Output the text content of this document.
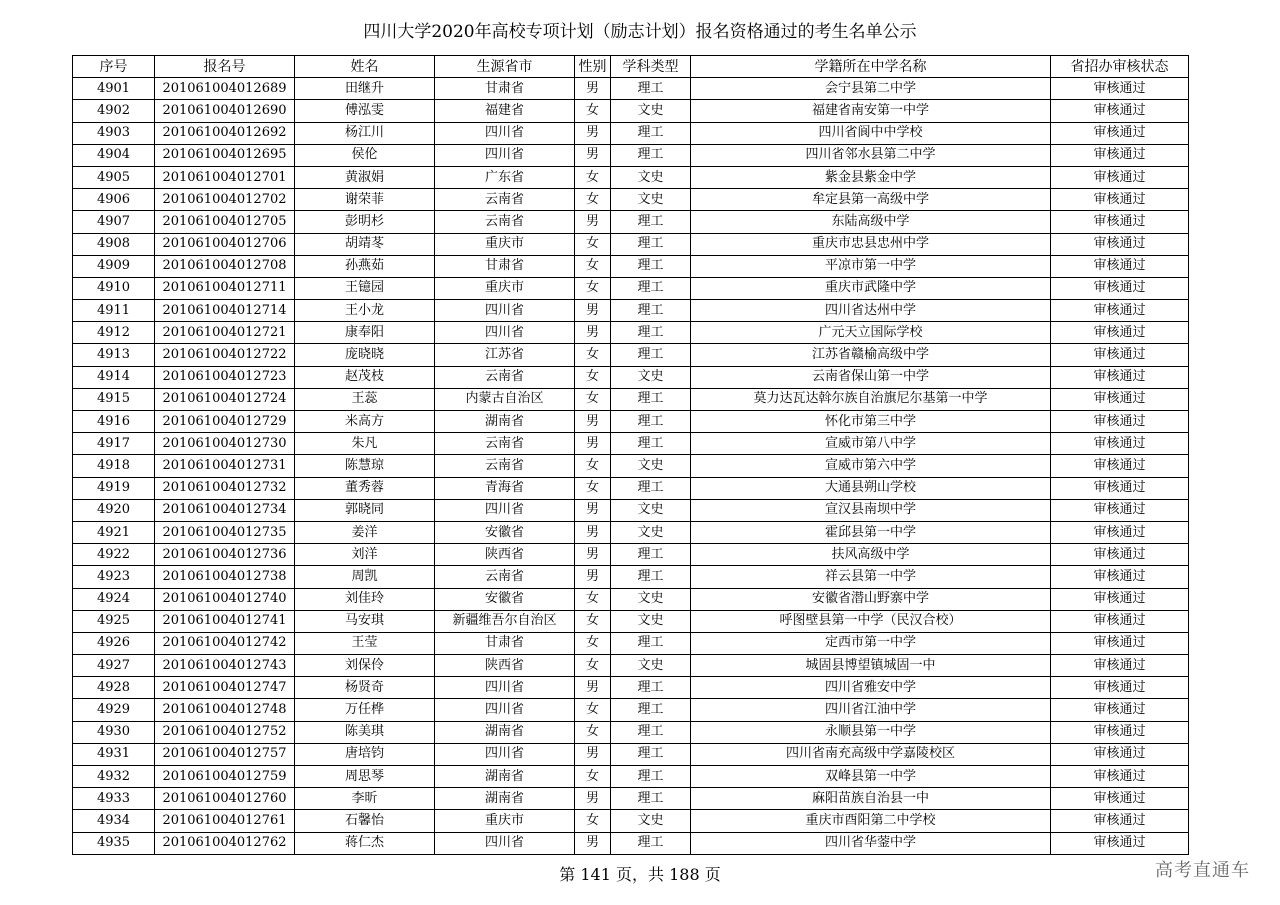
四川大学2020年高校专项计划（励志计划）报名资格通过的考生名单公示
序号	报名号	姓名	生源省市	性别	学科类型	学籍所在中学名称	省招办审核状态
4901	201061004012689	田继升	甘肃省	男	理工	会宁县第二中学	审核通过
4902	201061004012690	傅泓雯	福建省	女	文史	福建省南安第一中学	审核通过
4903	201061004012692	杨江川	四川省	男	理工	四川省阆中中学校	审核通过
4904	201061004012695	侯伦	四川省	男	理工	四川省邻水县第二中学	审核通过
4905	201061004012701	黄淑娟	广东省	女	文史	紫金县紫金中学	审核通过
4906	201061004012702	谢荣菲	云南省	女	文史	牟定县第一高级中学	审核通过
4907	201061004012705	彭明杉	云南省	男	理工	东陆高级中学	审核通过
4908	201061004012706	胡靖苳	重庆市	女	理工	重庆市忠县忠州中学	审核通过
4909	201061004012708	孙燕茹	甘肃省	女	理工	平凉市第一中学	审核通过
4910	201061004012711	王镱园	重庆市	女	理工	重庆市武隆中学	审核通过
4911	201061004012714	王小龙	四川省	男	理工	四川省达州中学	审核通过
4912	201061004012721	康奉阳	四川省	男	理工	广元天立国际学校	审核通过
4913	201061004012722	庞晓晓	江苏省	女	理工	江苏省赣榆高级中学	审核通过
4914	201061004012723	赵茂枝	云南省	女	文史	云南省保山第一中学	审核通过
4915	201061004012724	王蕊	内蒙古自治区	女	理工	莫力达瓦达斡尔族自治旗尼尔基第一中学	审核通过
4916	201061004012729	米高方	湖南省	男	理工	怀化市第三中学	审核通过
4917	201061004012730	朱凡	云南省	男	理工	宣威市第八中学	审核通过
4918	201061004012731	陈慧琼	云南省	女	文史	宣威市第六中学	审核通过
4919	201061004012732	董秀蓉	青海省	女	理工	大通县朔山学校	审核通过
4920	201061004012734	郭晓同	四川省	男	文史	宣汉县南坝中学	审核通过
4921	201061004012735	姜洋	安徽省	男	文史	霍邱县第一中学	审核通过
4922	201061004012736	刘洋	陕西省	男	理工	扶风高级中学	审核通过
4923	201061004012738	周凯	云南省	男	理工	祥云县第一中学	审核通过
4924	201061004012740	刘佳玲	安徽省	女	文史	安徽省潜山野寨中学	审核通过
4925	201061004012741	马安琪	新疆维吾尔自治区	女	文史	呼图壁县第一中学（民汉合校）	审核通过
4926	201061004012742	王莹	甘肃省	女	理工	定西市第一中学	审核通过
4927	201061004012743	刘保伶	陕西省	女	文史	城固县博望镇城固一中	审核通过
4928	201061004012747	杨贤奇	四川省	男	理工	四川省雅安中学	审核通过
4929	201061004012748	万任桦	四川省	女	理工	四川省江油中学	审核通过
4930	201061004012752	陈美琪	湖南省	女	理工	永顺县第一中学	审核通过
4931	201061004012757	唐培钧	四川省	男	理工	四川省南充高级中学嘉陵校区	审核通过
4932	201061004012759	周思琴	湖南省	女	理工	双峰县第一中学	审核通过
4933	201061004012760	李昕	湖南省	男	理工	麻阳苗族自治县一中	审核通过
4934	201061004012761	石馨怡	重庆市	女	文史	重庆市酉阳第二中学校	审核通过
4935	201061004012762	蒋仁杰	四川省	男	理工	四川省华蓥中学	审核通过
第 141 页，共 188 页	高考直通车
